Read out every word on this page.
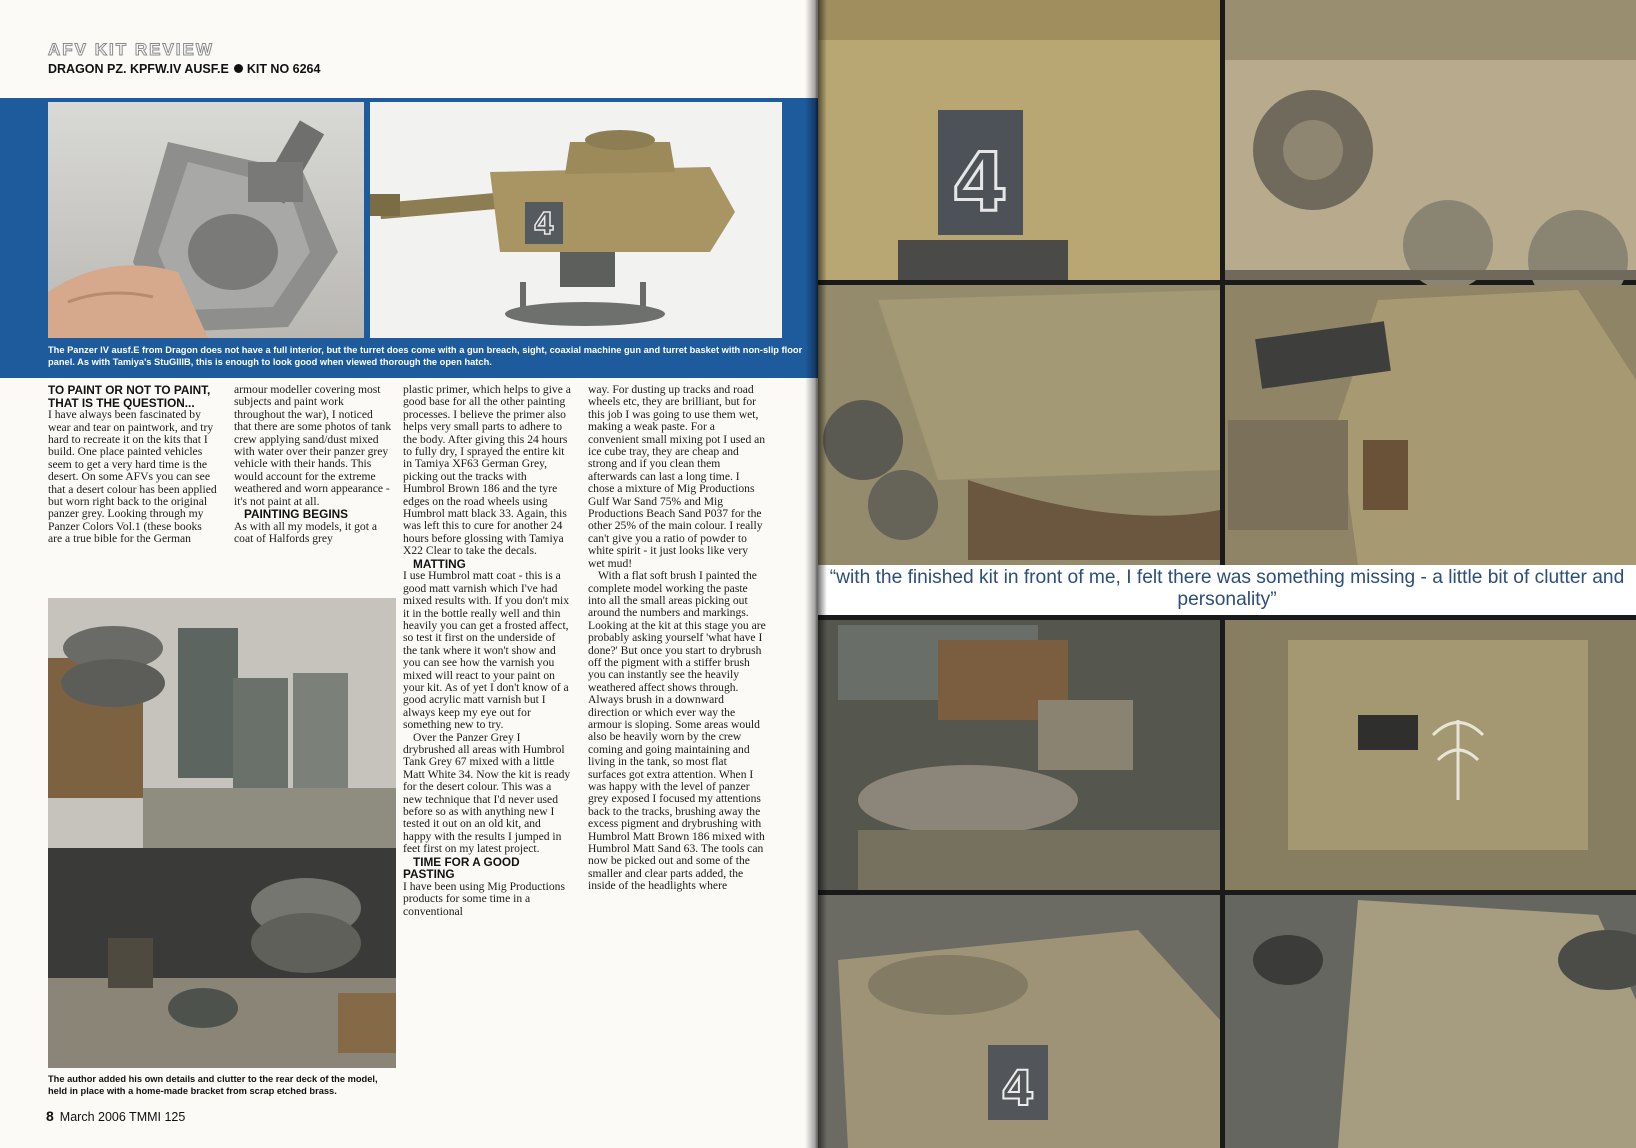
AFV KIT REVIEW
DRAGON PZ. KPFW.IV AUSF.E KIT NO 6264
4
The Panzer IV ausf.E from Dragon does not have a full interior, but the turret does come with a gun breach, sight, coaxial machine gun and turret basket with non-slip floor panel. As with Tamiya's StuGIIIB, this is enough to look good when viewed thorough the open hatch.

TO PAINT OR NOT TO PAINT, THAT IS THE QUESTION...

I have always been fascinated by wear and tear on paintwork, and try hard to recreate it on the kits that I build. One place painted vehicles seem to get a very hard time is the desert. On some AFVs you can see that a desert colour has been applied but worn right back to the original panzer grey. Looking through my Panzer Colors Vol.1 (these books are a true bible for the German

armour modeller covering most subjects and paint work throughout the war), I noticed that there are some photos of tank crew applying sand/dust mixed with water over their panzer grey vehicle with their hands. This would account for the extreme weathered and worn appearance - it's not paint at all.

PAINTING BEGINS

As with all my models, it got a coat of Halfords grey

plastic primer, which helps to give a good base for all the other painting processes. I believe the primer also helps very small parts to adhere to the body. After giving this 24 hours to fully dry, I sprayed the entire kit in Tamiya XF63 German Grey, picking out the tracks with Humbrol Brown 186 and the tyre edges on the road wheels using Humbrol matt black 33. Again, this was left this to cure for another 24 hours before glossing with Tamiya X22 Clear to take the decals.

MATTING

I use Humbrol matt coat - this is a good matt varnish which I've had mixed results with. If you don't mix it in the bottle really well and thin heavily you can get a frosted affect, so test it first on the underside of the tank where it won't show and you can see how the varnish you mixed will react to your paint on your kit. As of yet I don't know of a good acrylic matt varnish but I always keep my eye out for something new to try.

Over the Panzer Grey I drybrushed all areas with Humbrol Tank Grey 67 mixed with a little Matt White 34. Now the kit is ready for the desert colour. This was a new technique that I'd never used before so as with anything new I tested it out on an old kit, and happy with the results I jumped in feet first on my latest project.

TIME FOR A GOOD PASTING

I have been using Mig Productions products for some time in a conventional

way. For dusting up tracks and road wheels etc, they are brilliant, but for this job I was going to use them wet, making a weak paste. For a convenient small mixing pot I used an ice cube tray, they are cheap and strong and if you clean them afterwards can last a long time. I chose a mixture of Mig Productions Gulf War Sand 75% and Mig Productions Beach Sand P037 for the other 25% of the main colour. I really can't give you a ratio of powder to white spirit - it just looks like very wet mud!

With a flat soft brush I painted the complete model working the paste into all the small areas picking out around the numbers and markings. Looking at the kit at this stage you are probably asking yourself 'what have I done?' But once you start to drybrush off the pigment with a stiffer brush you can instantly see the heavily weathered affect shows through. Always brush in a downward direction or which ever way the armour is sloping. Some areas would also be heavily worn by the crew coming and going maintaining and living in the tank, so most flat surfaces got extra attention. When I was happy with the level of panzer grey exposed I focused my attentions back to the tracks, brushing away the excess pigment and drybrushing with Humbrol Matt Brown 186 mixed with Humbrol Matt Sand 63. The tools can now be picked out and some of the smaller and clear parts added, the inside of the headlights where

The author added his own details and clutter to the rear deck of the model, held in place with a home-made bracket from scrap etched brass.
8 March 2006 TMMI 125
4
4
“with the finished kit in front of me, I felt there was something missing - a little bit of clutter and personality”
